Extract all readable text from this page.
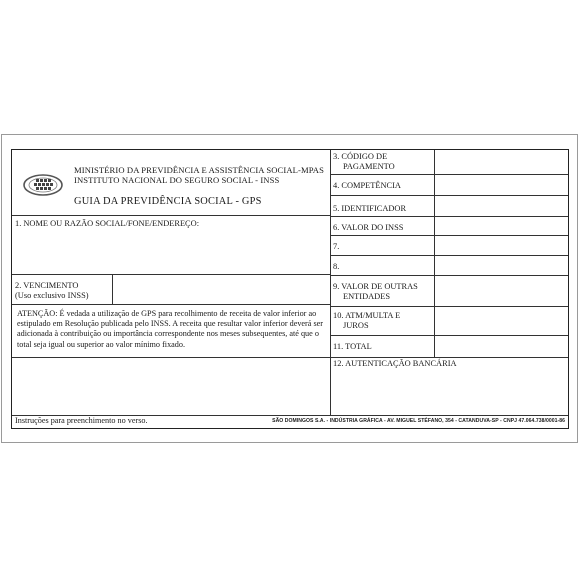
MINISTÉRIO DA PREVIDÊNCIA E ASSISTÊNCIA SOCIAL-MPAS
INSTITUTO NACIONAL DO SEGURO SOCIAL - INSS
GUIA DA PREVIDÊNCIA SOCIAL - GPS
1. NOME OU RAZÃO SOCIAL/FONE/ENDEREÇO:
2. VENCIMENTO
(Uso exclusivo INSS)
ATENÇÃO: É vedada a utilização de GPS para recolhimento de receita de valor inferior ao estipulado em Resolução publicada pelo INSS. A receita que resultar valor inferior deverá ser adicionada à contribuição ou importância correspondente nos meses subsequentes, até que o total seja igual ou superior ao valor mínimo fixado.
3. CÓDIGO DE
PAGAMENTO
4. COMPETÊNCIA
5. IDENTIFICADOR
6. VALOR DO INSS
7.
8.
9. VALOR DE OUTRAS
ENTIDADES
10. ATM/MULTA E
JUROS
11. TOTAL
12. AUTENTICAÇÃO BANCÁRIA
Instruções para preenchimento no verso.	SÃO DOMINGOS S.A. - INDÚSTRIA GRÁFICA - AV. MIGUEL STÉFANO, 354 - CATANDUVA-SP - CNPJ 47.064.738/0001-86
